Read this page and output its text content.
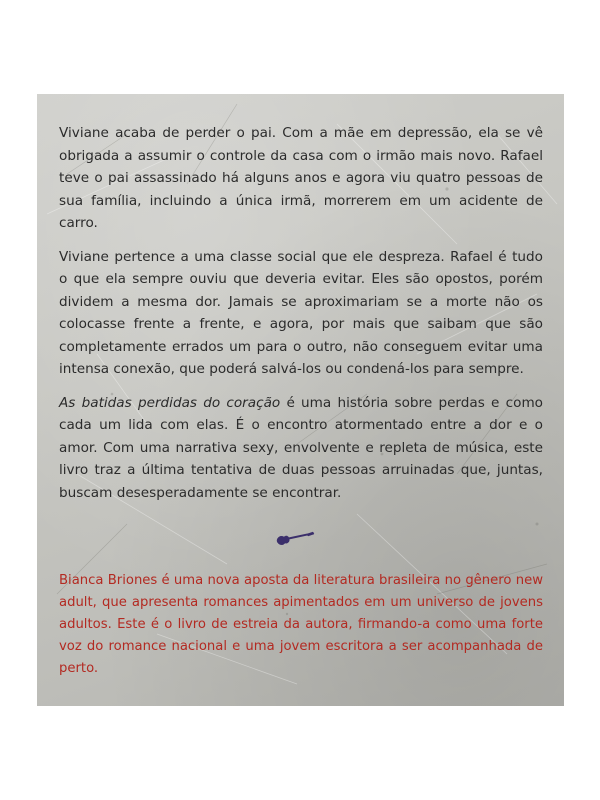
Viviane acaba de perder o pai. Com a mãe em depressão, ela se vê obrigada a assumir o controle da casa com o irmão mais novo. Rafael teve o pai assassinado há alguns anos e agora viu quatro pessoas de sua família, incluindo a única irmã, morrerem em um acidente de carro.

Viviane pertence a uma classe social que ele despreza. Rafael é tudo o que ela sempre ouviu que deveria evitar. Eles são opostos, porém dividem a mesma dor. Jamais se aproximariam se a morte não os colocasse frente a frente, e agora, por mais que saibam que são completamente errados um para o outro, não conseguem evitar uma intensa conexão, que poderá salvá-los ou condená-los para sempre.

As batidas perdidas do coração é uma história sobre perdas e como cada um lida com elas. É o encontro atormentado entre a dor e o amor. Com uma narrativa sexy, envolvente e repleta de música, este livro traz a última tentativa de duas pessoas arruinadas que, juntas, buscam desesperadamente se encontrar.

Bianca Briones é uma nova aposta da literatura brasileira no gênero new adult, que apresenta romances apimentados em um universo de jovens adultos. Este é o livro de estreia da autora, firmando-a como uma forte voz do romance nacional e uma jovem escritora a ser acompanhada de perto.
